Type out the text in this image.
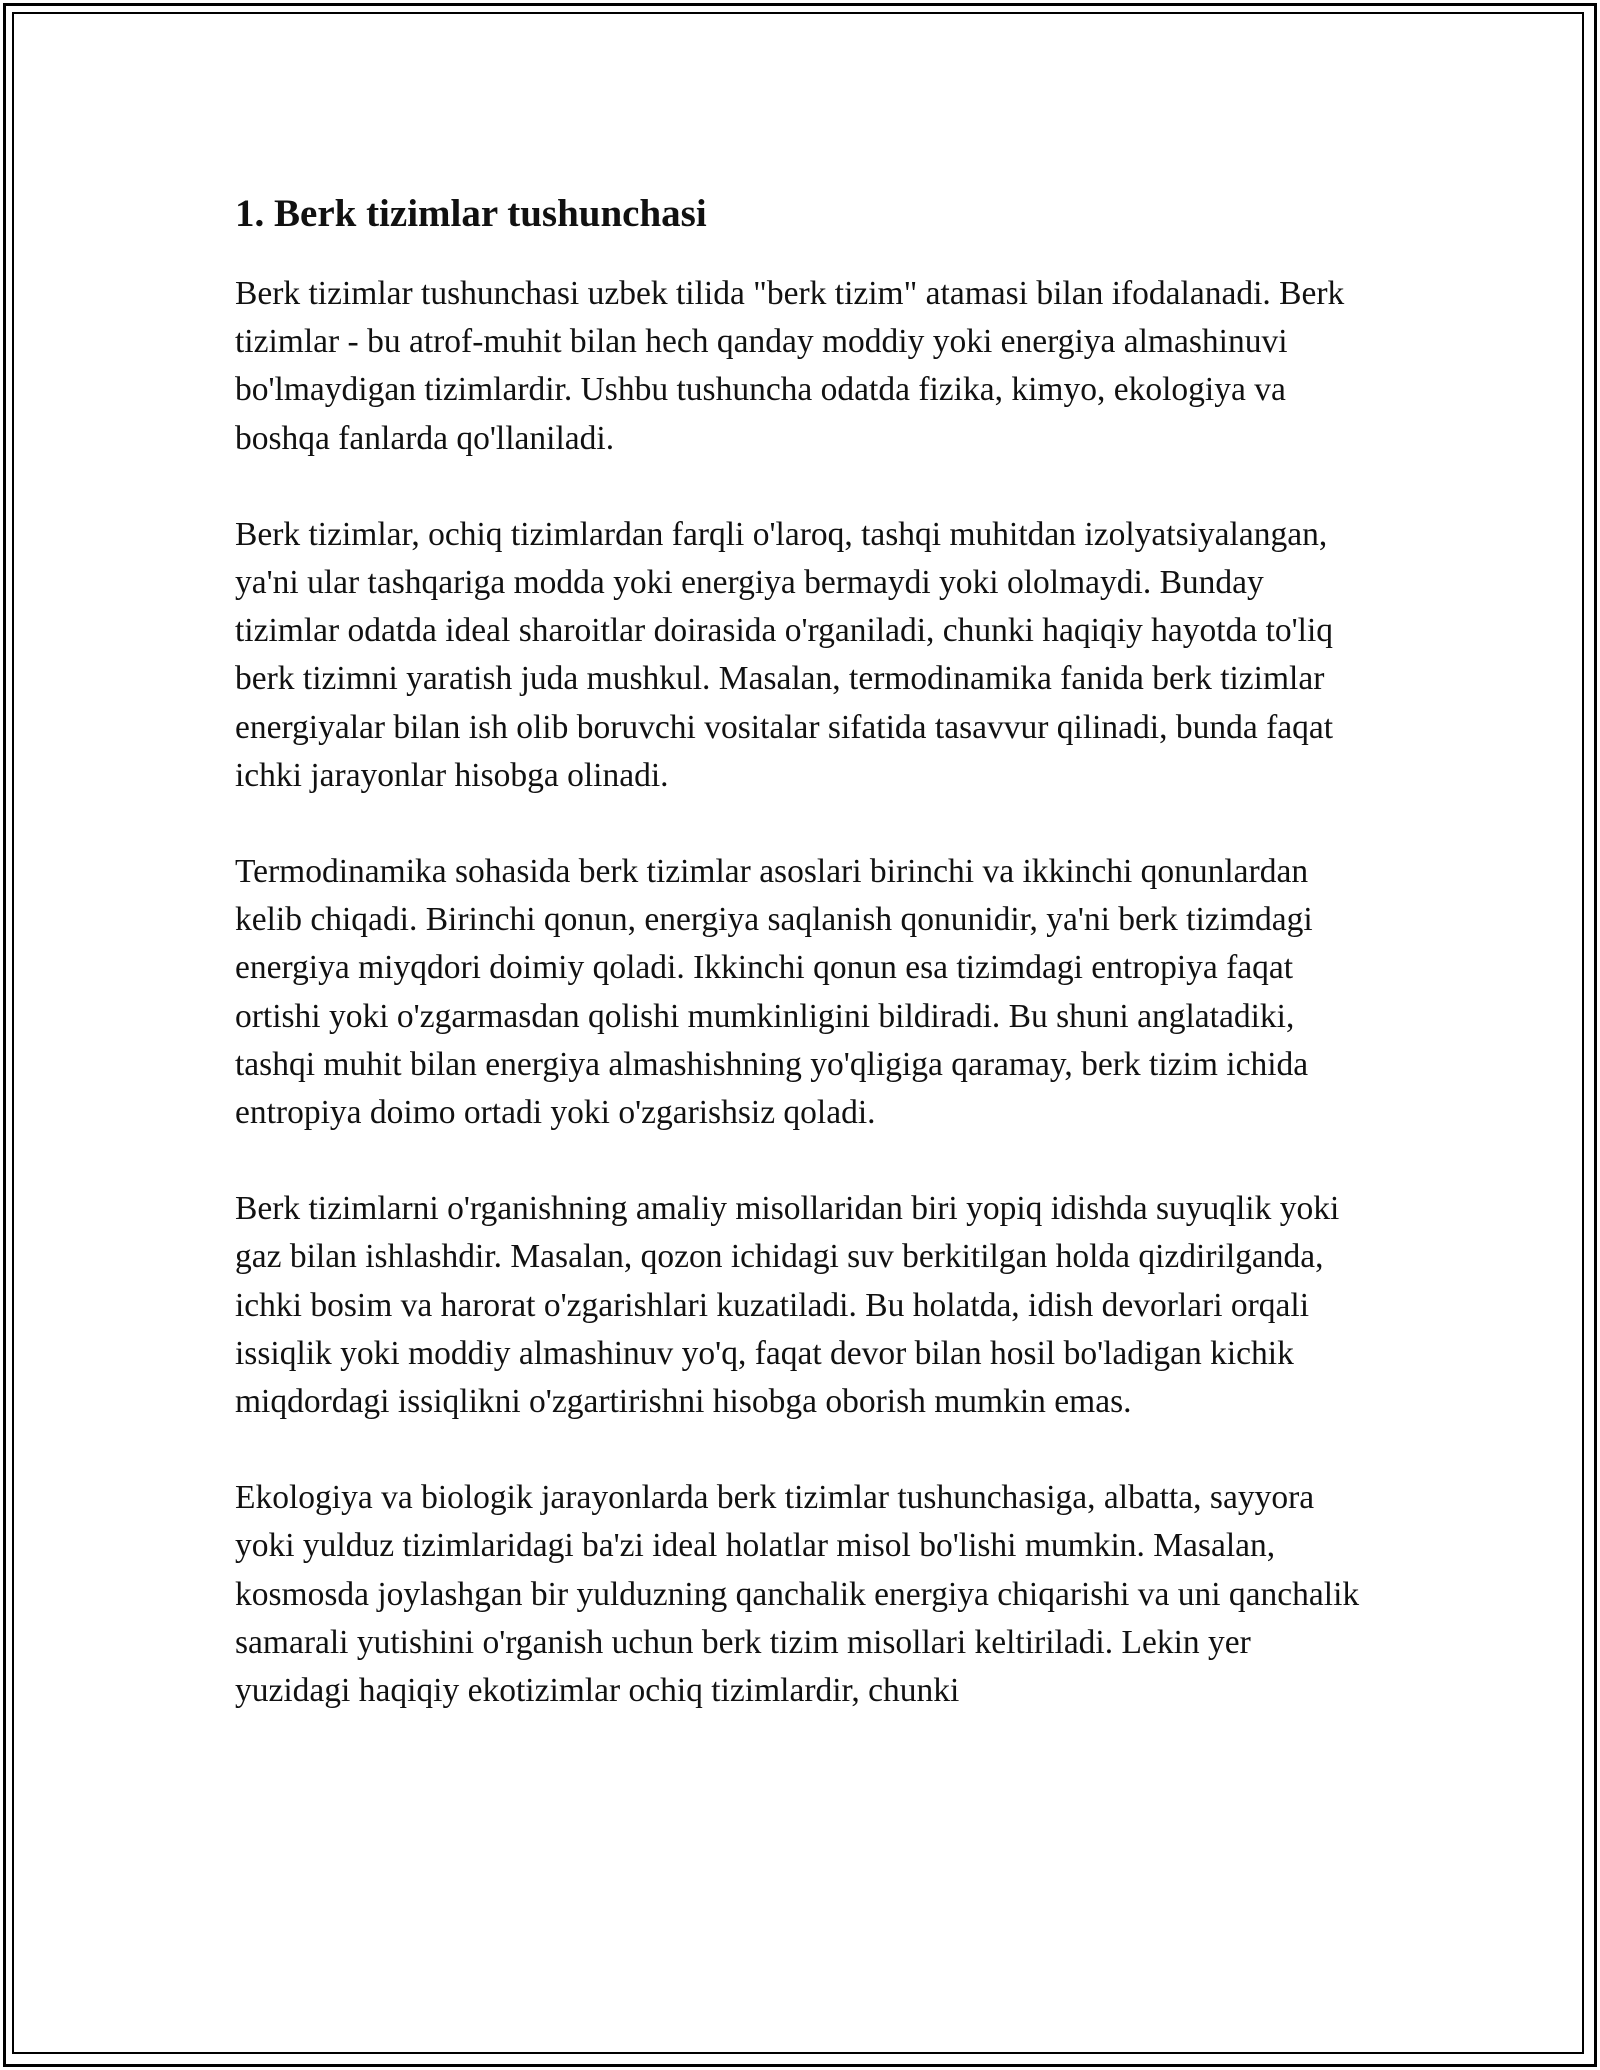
1. Berk tizimlar tushunchasi

Berk tizimlar tushunchasi uzbek tilida "berk tizim" atamasi bilan ifodalanadi. Berk tizimlar - bu atrof-muhit bilan hech qanday moddiy yoki energiya almashinuvi bo'lmaydigan tizimlardir. Ushbu tushuncha odatda fizika, kimyo, ekologiya va boshqa fanlarda qo'llaniladi.

Berk tizimlar, ochiq tizimlardan farqli o'laroq, tashqi muhitdan izolyatsiyalangan, ya'ni ular tashqariga modda yoki energiya bermaydi yoki ololmaydi. Bunday tizimlar odatda ideal sharoitlar doirasida o'rganiladi, chunki haqiqiy hayotda to'liq berk tizimni yaratish juda mushkul. Masalan, termodinamika fanida berk tizimlar energiyalar bilan ish olib boruvchi vositalar sifatida tasavvur qilinadi, bunda faqat ichki jarayonlar hisobga olinadi.

Termodinamika sohasida berk tizimlar asoslari birinchi va ikkinchi qonunlardan kelib chiqadi. Birinchi qonun, energiya saqlanish qonunidir, ya'ni berk tizimdagi energiya miyqdori doimiy qoladi. Ikkinchi qonun esa tizimdagi entropiya faqat ortishi yoki o'zgarmasdan qolishi mumkinligini bildiradi. Bu shuni anglatadiki, tashqi muhit bilan energiya almashishning yo'qligiga qaramay, berk tizim ichida entropiya doimo ortadi yoki o'zgarishsiz qoladi.

Berk tizimlarni o'rganishning amaliy misollaridan biri yopiq idishda suyuqlik yoki gaz bilan ishlashdir. Masalan, qozon ichidagi suv berkitilgan holda qizdirilganda, ichki bosim va harorat o'zgarishlari kuzatiladi. Bu holatda, idish devorlari orqali issiqlik yoki moddiy almashinuv yo'q, faqat devor bilan hosil bo'ladigan kichik miqdordagi issiqlikni o'zgartirishni hisobga oborish mumkin emas.

Ekologiya va biologik jarayonlarda berk tizimlar tushunchasiga, albatta, sayyora yoki yulduz tizimlaridagi ba'zi ideal holatlar misol bo'lishi mumkin. Masalan, kosmosda joylashgan bir yulduzning qanchalik energiya chiqarishi va uni qanchalik samarali yutishini o'rganish uchun berk tizim misollari keltiriladi. Lekin yer yuzidagi haqiqiy ekotizimlar ochiq tizimlardir, chunki
